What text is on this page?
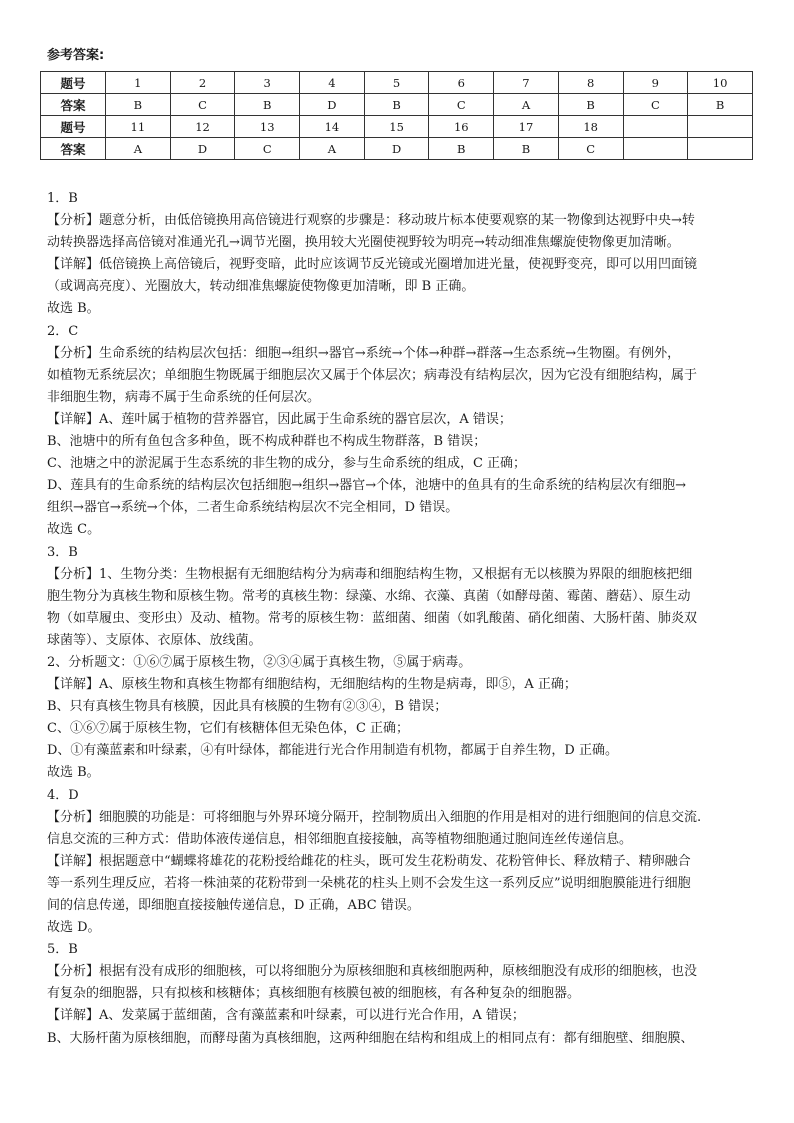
参考答案:
题号	1	2	3	4	5	6	7	8	9	10
答案	B	C	B	D	B	C	A	B	C	B
题号	11	12	13	14	15	16	17	18		
答案	A	D	C	A	D	B	B	C		

1．B

【分析】题意分析，由低倍镜换用高倍镜进行观察的步骤是：移动玻片标本使要观察的某一物像到达视野中央→转

动转换器选择高倍镜对准通光孔→调节光圈，换用较大光圈使视野较为明亮→转动细准焦螺旋使物像更加清晰。

【详解】低倍镜换上高倍镜后，视野变暗，此时应该调节反光镜或光圈增加进光量，使视野变亮，即可以用凹面镜

（或调高亮度）、光圈放大，转动细准焦螺旋使物像更加清晰，即 B 正确。

故选 B。

2．C

【分析】生命系统的结构层次包括：细胞→组织→器官→系统→个体→种群→群落→生态系统→生物圈。有例外，

如植物无系统层次；单细胞生物既属于细胞层次又属于个体层次；病毒没有结构层次，因为它没有细胞结构，属于

非细胞生物，病毒不属于生命系统的任何层次。

【详解】A、莲叶属于植物的营养器官，因此属于生命系统的器官层次，A 错误；

B、池塘中的所有鱼包含多种鱼，既不构成种群也不构成生物群落，B 错误；

C、池塘之中的淤泥属于生态系统的非生物的成分，参与生命系统的组成，C 正确；

D、莲具有的生命系统的结构层次包括细胞→组织→器官→个体，池塘中的鱼具有的生命系统的结构层次有细胞→

组织→器官→系统→个体，二者生命系统结构层次不完全相同，D 错误。

故选 C。

3．B

【分析】1、生物分类：生物根据有无细胞结构分为病毒和细胞结构生物，又根据有无以核膜为界限的细胞核把细

胞生物分为真核生物和原核生物。常考的真核生物：绿藻、水绵、衣藻、真菌（如酵母菌、霉菌、蘑菇）、原生动

物（如草履虫、变形虫）及动、植物。常考的原核生物：蓝细菌、细菌（如乳酸菌、硝化细菌、大肠杆菌、肺炎双

球菌等）、支原体、衣原体、放线菌。

2、分析题文：①⑥⑦属于原核生物，②③④属于真核生物，⑤属于病毒。

【详解】A、原核生物和真核生物都有细胞结构，无细胞结构的生物是病毒，即⑤，A 正确；

B、只有真核生物具有核膜，因此具有核膜的生物有②③④，B 错误；

C、①⑥⑦属于原核生物，它们有核糖体但无染色体，C 正确；

D、①有藻蓝素和叶绿素，④有叶绿体，都能进行光合作用制造有机物，都属于自养生物，D 正确。

故选 B。

4．D

【分析】细胞膜的功能是：可将细胞与外界环境分隔开，控制物质出入细胞的作用是相对的进行细胞间的信息交流.

信息交流的三种方式：借助体液传递信息，相邻细胞直接接触，高等植物细胞通过胞间连丝传递信息。

【详解】根据题意中“蝴蝶将雄花的花粉授给雌花的柱头，既可发生花粉萌发、花粉管伸长、释放精子、精卵融合

等一系列生理反应，若将一株油菜的花粉带到一朵桃花的柱头上则不会发生这一系列反应”说明细胞膜能进行细胞

间的信息传递，即细胞直接接触传递信息，D 正确，ABC 错误。

故选 D。

5．B

【分析】根据有没有成形的细胞核，可以将细胞分为原核细胞和真核细胞两种，原核细胞没有成形的细胞核，也没

有复杂的细胞器，只有拟核和核糖体；真核细胞有核膜包被的细胞核，有各种复杂的细胞器。

【详解】A、发菜属于蓝细菌，含有藻蓝素和叶绿素，可以进行光合作用，A 错误；

B、大肠杆菌为原核细胞，而酵母菌为真核细胞，这两种细胞在结构和组成上的相同点有：都有细胞壁、细胞膜、
